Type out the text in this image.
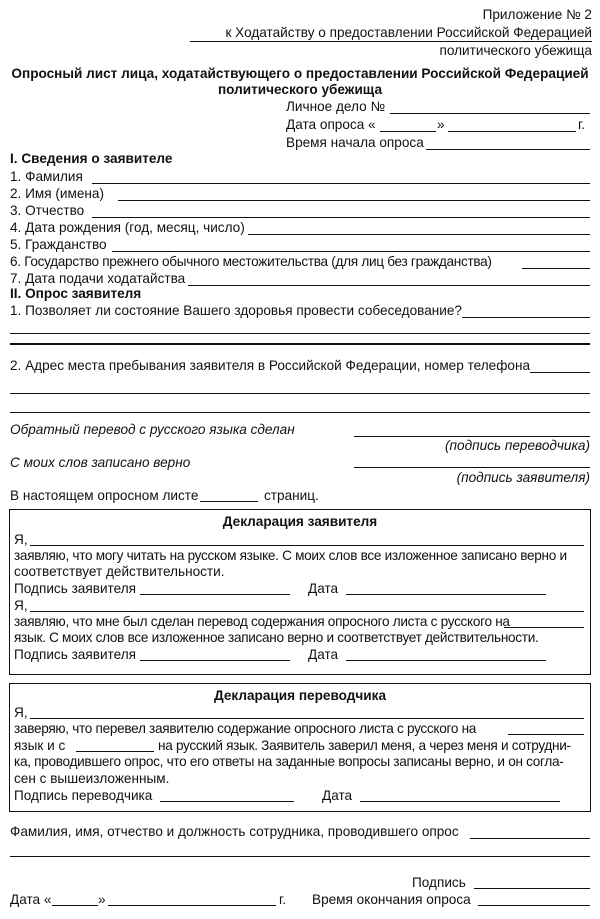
Приложение № 2
к Ходатайству о предоставлении Российской Федерацией
политического убежища
Опросный лист лица, ходатайствующего о предоставлении Российской Федерацией
политического убежища
Личное дело №
Дата опроса «	»	г.
Время начала опроса
I. Сведения о заявителе
1. Фамилия
2. Имя (имена)
3. Отчество
4. Дата рождения (год, месяц, число)
5. Гражданство
6. Государство прежнего обычного местожительства (для лиц без гражданства)
7. Дата подачи ходатайства
II. Опрос заявителя
1. Позволяет ли состояние Вашего здоровья провести собеседование?
2. Адрес места пребывания заявителя в Российской Федерации, номер телефона
Обратный перевод с русского языка сделан
(подпись переводчика)
С моих слов записано верно
(подпись заявителя)
В настоящем опросном листе	страниц.
Декларация заявителя
Я,
заявляю, что могу читать на русском языке. С моих слов все изложенное записано верно и
соответствует действительности.
Подпись заявителя	Дата
Я,
заявляю, что мне был сделан перевод содержания опросного листа с русского на
язык. С моих слов все изложенное записано верно и соответствует действительности.
Подпись заявителя	Дата
Декларация переводчика
Я,
заверяю, что перевел заявителю содержание опросного листа с русского на
язык и с	на русский язык. Заявитель заверил меня, а через меня и сотрудни-
ка, проводившего опрос, что его ответы на заданные вопросы записаны верно, и он согла-
сен с вышеизложенным.
Подпись переводчика	Дата
Фамилия, имя, отчество и должность сотрудника, проводившего опрос
Подпись
Дата «	»	г. Время окончания опроса
